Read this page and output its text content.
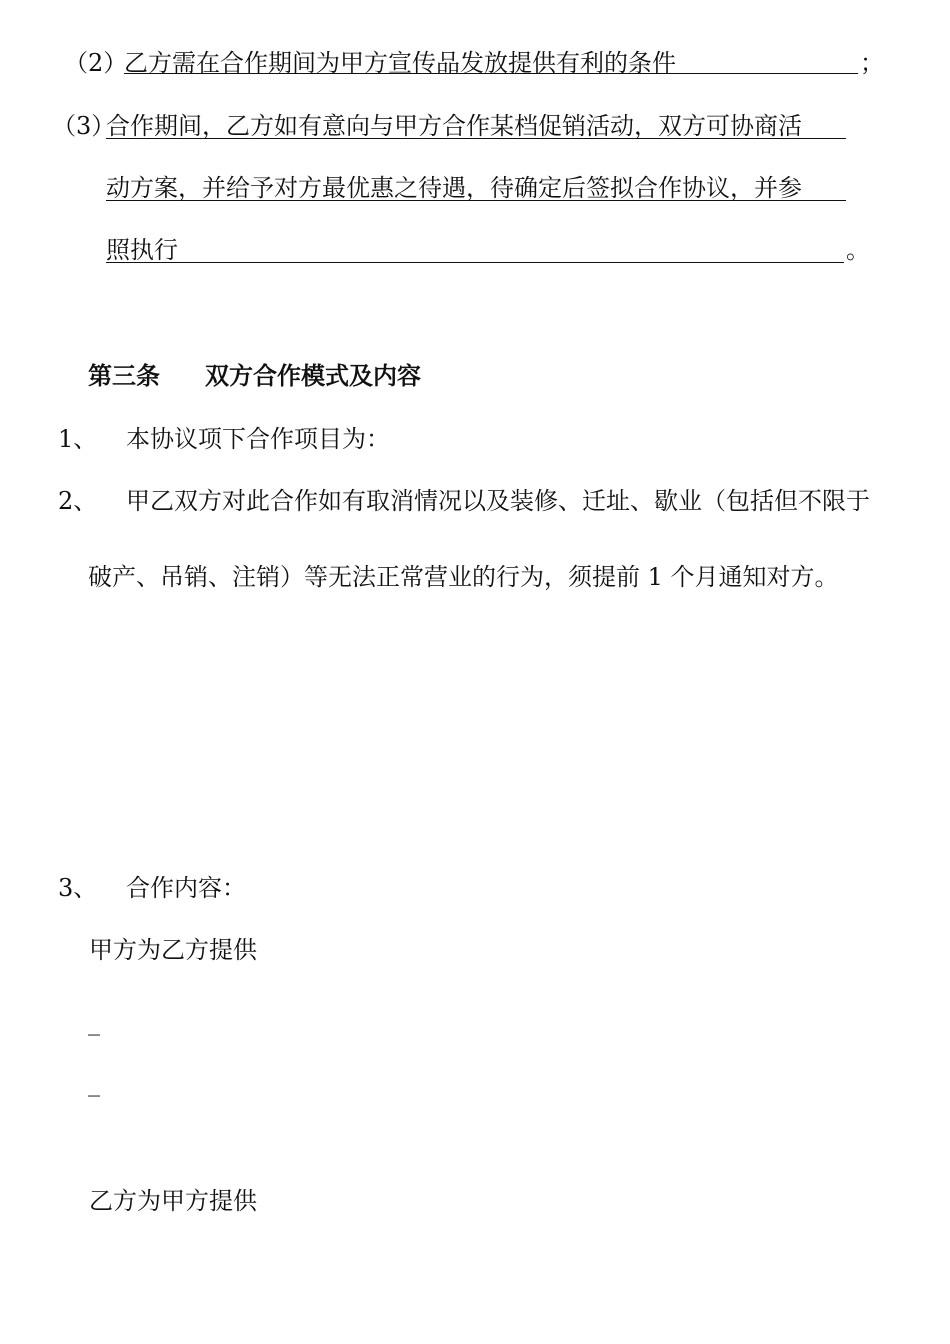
（2）
乙方需在合作期间为甲方宣传品发放提供有利的条件	；
（3）
合作期间，乙方如有意向与甲方合作某档促销活动，双方可协商活
动方案，并给予对方最优惠之待遇，待确定后签拟合作协议，并参
照执行	。
第三条 双方合作模式及内容
1、 本协议项下合作项目为：
2、 甲乙双方对此合作如有取消情况以及装修、迁址、歇业（包括但不限于
破产、吊销、注销）等无法正常营业的行为，须提前 1 个月通知对方。
3、 合作内容：
甲方为乙方提供
_
_
乙方为甲方提供
